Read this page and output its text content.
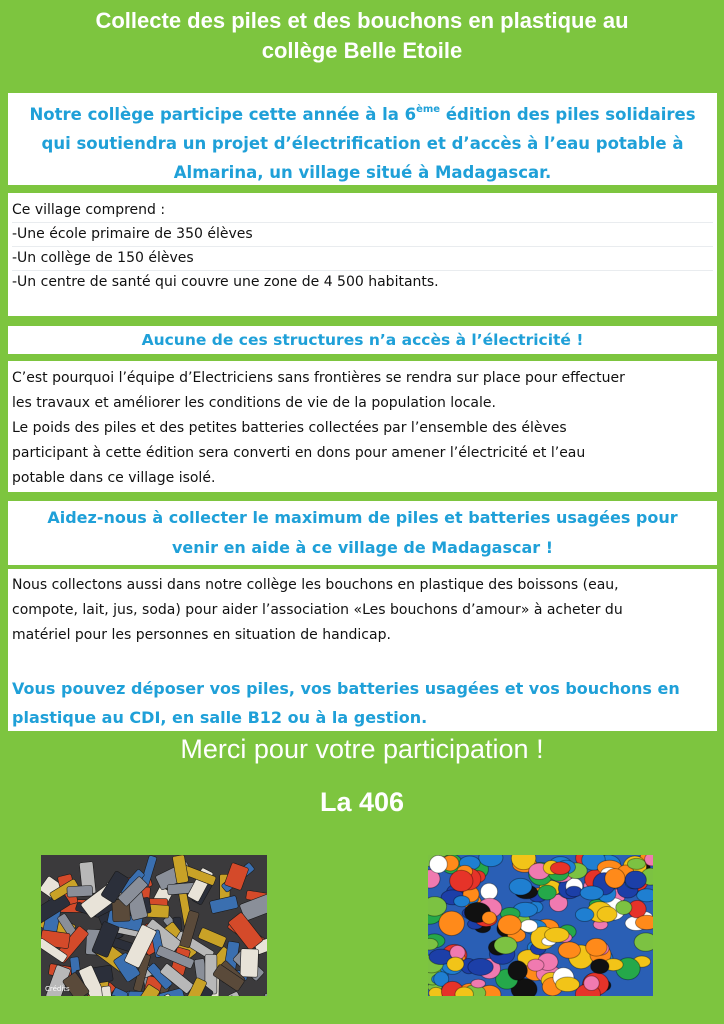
Collecte des piles et des bouchons en plastique au
collège Belle Etoile
Notre collège participe cette année à la 6ème édition des piles solidaires
qui soutiendra un projet d’électrification et d’accès à l’eau potable à
Almarina, un village situé à Madagascar.
Ce village comprend :
-Une école primaire de 350 élèves
-Un collège de 150 élèves
-Un centre de santé qui couvre une zone de 4 500 habitants.
Aucune de ces structures n’a accès à l’électricité !
C’est pourquoi l’équipe d’Electriciens sans frontières se rendra sur place pour effectuer
les travaux et améliorer les conditions de vie de la population locale.
Le poids des piles et des petites batteries collectées par l’ensemble des élèves
participant à cette édition sera converti en dons pour amener l’électricité et l’eau
potable dans ce village isolé.
Aidez-nous à collecter le maximum de piles et batteries usagées pour
venir en aide à ce village de Madagascar !
Nous collectons aussi dans notre collège les bouchons en plastique des boissons (eau,
compote, lait, jus, soda) pour aider l’association «Les bouchons d’amour» à acheter du
matériel pour les personnes en situation de handicap.
Vous pouvez déposer vos piles, vos batteries usagées et vos bouchons en
plastique au CDI, en salle B12 ou à la gestion.
Merci pour votre participation !
La 406
Crédits
